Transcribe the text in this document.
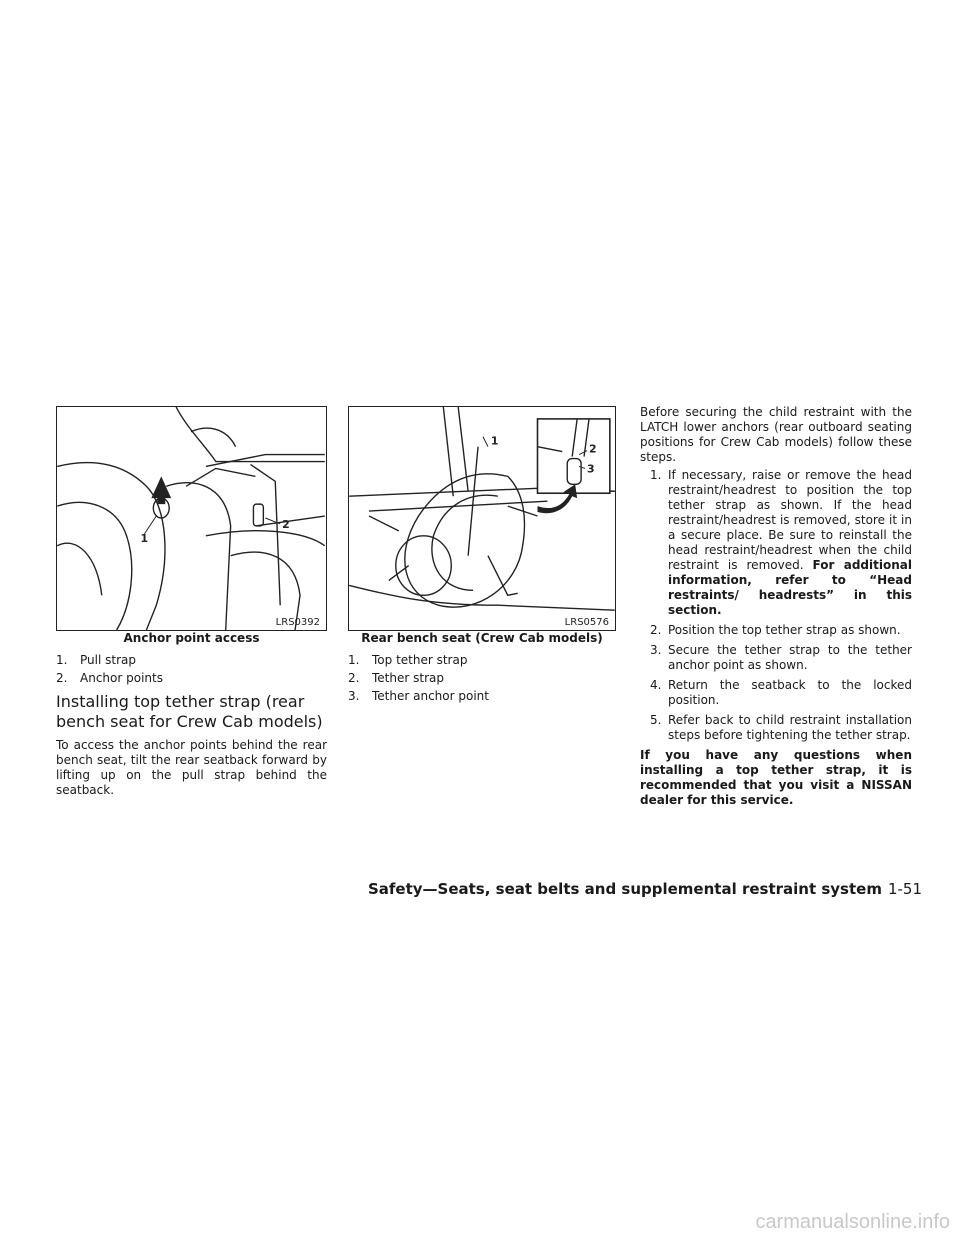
1
2
LRS0392
Anchor point access
1. Pull strap
2. Anchor points
Installing top tether strap (rear
bench seat for Crew Cab models)

To access the anchor points behind the rear bench seat, tilt the rear seatback forward by lifting up on the pull strap behind the seatback.

1
2
3
LRS0576
Rear bench seat (Crew Cab models)
1. Top tether strap
2. Tether strap
3. Tether anchor point

Before securing the child restraint with the LATCH lower anchors (rear outboard seating positions for Crew Cab models) follow these steps.

1. If necessary, raise or remove the head restraint/headrest to position the top tether strap as shown. If the head restraint/headrest is removed, store it in a secure place. Be sure to reinstall the head restraint/headrest when the child restraint is removed. For additional information, refer to “Head restraints/ headrests” in this section.
2. Position the top tether strap as shown.
3. Secure the tether strap to the tether anchor point as shown.
4. Return the seatback to the locked position.
5. Refer back to child restraint installation steps before tightening the tether strap.

If you have any questions when installing a top tether strap, it is recommended that you visit a NISSAN dealer for this service.

Safety—Seats, seat belts and supplemental restraint system 1-51
carmanualsonline.info
